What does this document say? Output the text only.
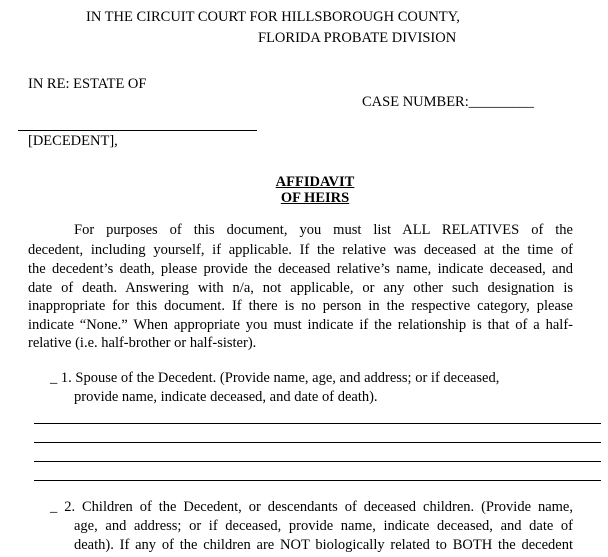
IN THE CIRCUIT COURT FOR HILLSBOROUGH COUNTY,
FLORIDA PROBATE DIVISION
IN RE: ESTATE OF
CASE NUMBER:_________
[DECEDENT],
AFFIDAVIT
OF HEIRS
For purposes of this document, you must list ALL RELATIVES of the
decedent, including yourself, if applicable. If the relative was deceased at the time of
the decedent’s death, please provide the deceased relative’s name, indicate deceased, and
date of death. Answering with n/a, not applicable, or any other such designation is
inappropriate for this document. If there is no person in the respective category, please
indicate “None.” When appropriate you must indicate if the relationship is that of a half-
relative (i.e. half-brother or half-sister).
_ 1. Spouse of the Decedent. (Provide name, age, and address; or if deceased,
provide name, indicate deceased, and date of death).
_ 2. Children of the Decedent, or descendants of deceased children. (Provide name,
age, and address; or if deceased, provide name, indicate deceased, and date of
death). If any of the children are NOT biologically related to BOTH the decedent
